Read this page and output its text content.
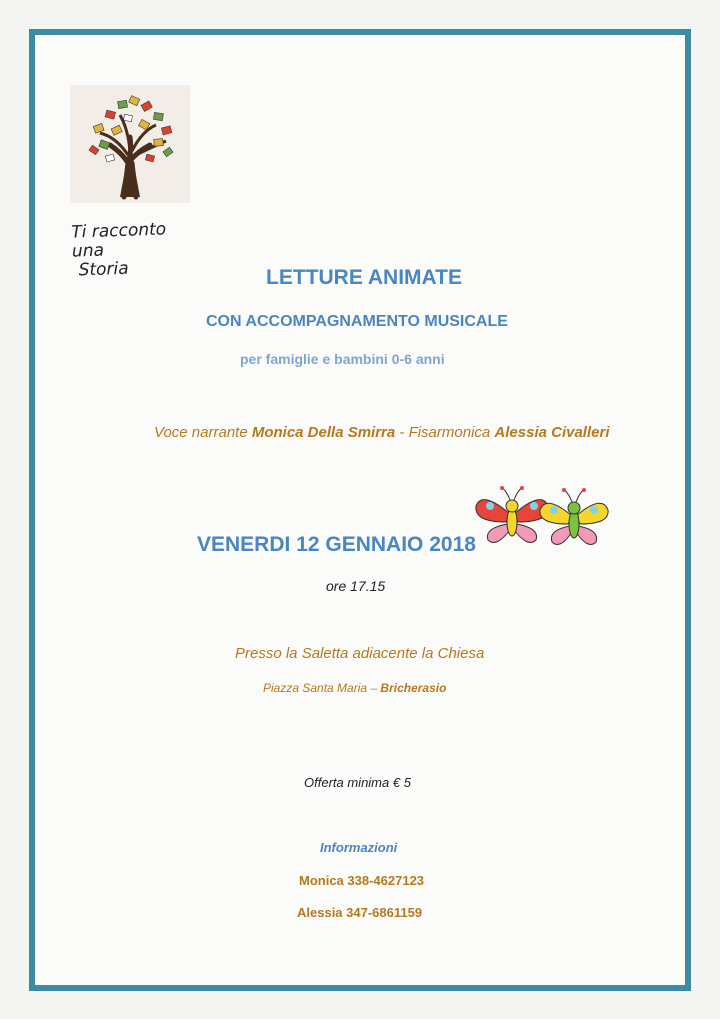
Ti racconto
una
Storia	LETTURE ANIMATE
CON ACCOMPAGNAMENTO MUSICALE
per famiglie e bambini 0-6 anni
Voce narrante Monica Della Smirra - Fisarmonica Alessia Civalleri
VENERDI 12 GENNAIO 2018
ore 17.15
Presso la Saletta adiacente la Chiesa
Piazza Santa Maria – Bricherasio
Offerta minima € 5
Informazioni
Monica 338-4627123
Alessia 347-6861159
